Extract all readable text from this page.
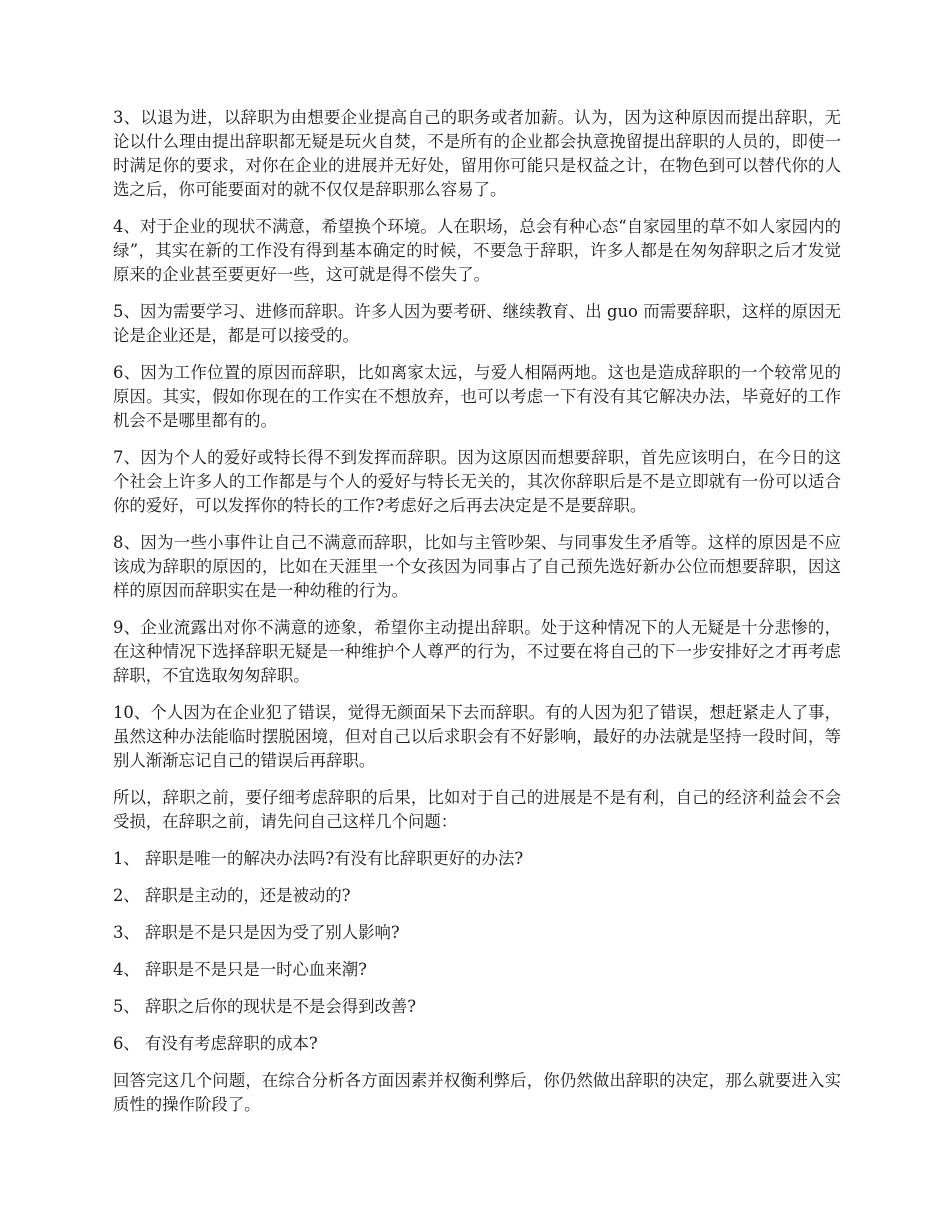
3、以退为进，以辞职为由想要企业提高自己的职务或者加薪。认为，因为这种原因而提出辞职，无论以什么理由提出辞职都无疑是玩火自焚，不是所有的企业都会执意挽留提出辞职的人员的，即使一时满足你的要求，对你在企业的进展并无好处，留用你可能只是权益之计，在物色到可以替代你的人选之后，你可能要面对的就不仅仅是辞职那么容易了。

4、对于企业的现状不满意，希望换个环境。人在职场，总会有种心态“自家园里的草不如人家园内的绿”，其实在新的工作没有得到基本确定的时候，不要急于辞职，许多人都是在匆匆辞职之后才发觉原来的企业甚至要更好一些，这可就是得不偿失了。

5、因为需要学习、进修而辞职。许多人因为要考研、继续教育、出 guo 而需要辞职，这样的原因无论是企业还是，都是可以接受的。

6、因为工作位置的原因而辞职，比如离家太远，与爱人相隔两地。这也是造成辞职的一个较常见的原因。其实，假如你现在的工作实在不想放弃，也可以考虑一下有没有其它解决办法，毕竟好的工作机会不是哪里都有的。

7、因为个人的爱好或特长得不到发挥而辞职。因为这原因而想要辞职，首先应该明白，在今日的这个社会上许多人的工作都是与个人的爱好与特长无关的，其次你辞职后是不是立即就有一份可以适合你的爱好，可以发挥你的特长的工作?考虑好之后再去决定是不是要辞职。

8、因为一些小事件让自己不满意而辞职，比如与主管吵架、与同事发生矛盾等。这样的原因是不应该成为辞职的原因的，比如在天涯里一个女孩因为同事占了自己预先选好新办公位而想要辞职，因这样的原因而辞职实在是一种幼稚的行为。

9、企业流露出对你不满意的迹象，希望你主动提出辞职。处于这种情况下的人无疑是十分悲惨的，在这种情况下选择辞职无疑是一种维护个人尊严的行为，不过要在将自己的下一步安排好之才再考虑辞职，不宜选取匆匆辞职。

10、个人因为在企业犯了错误，觉得无颜面呆下去而辞职。有的人因为犯了错误，想赶紧走人了事，虽然这种办法能临时摆脱困境，但对自己以后求职会有不好影响，最好的办法就是坚持一段时间，等别人渐渐忘记自己的错误后再辞职。

所以，辞职之前，要仔细考虑辞职的后果，比如对于自己的进展是不是有利，自己的经济利益会不会受损，在辞职之前，请先问自己这样几个问题：

1、 辞职是唯一的解决办法吗?有没有比辞职更好的办法?

2、 辞职是主动的，还是被动的?

3、 辞职是不是只是因为受了别人影响?

4、 辞职是不是只是一时心血来潮?

5、 辞职之后你的现状是不是会得到改善?

6、 有没有考虑辞职的成本?

回答完这几个问题，在综合分析各方面因素并权衡利弊后，你仍然做出辞职的决定，那么就要进入实质性的操作阶段了。
